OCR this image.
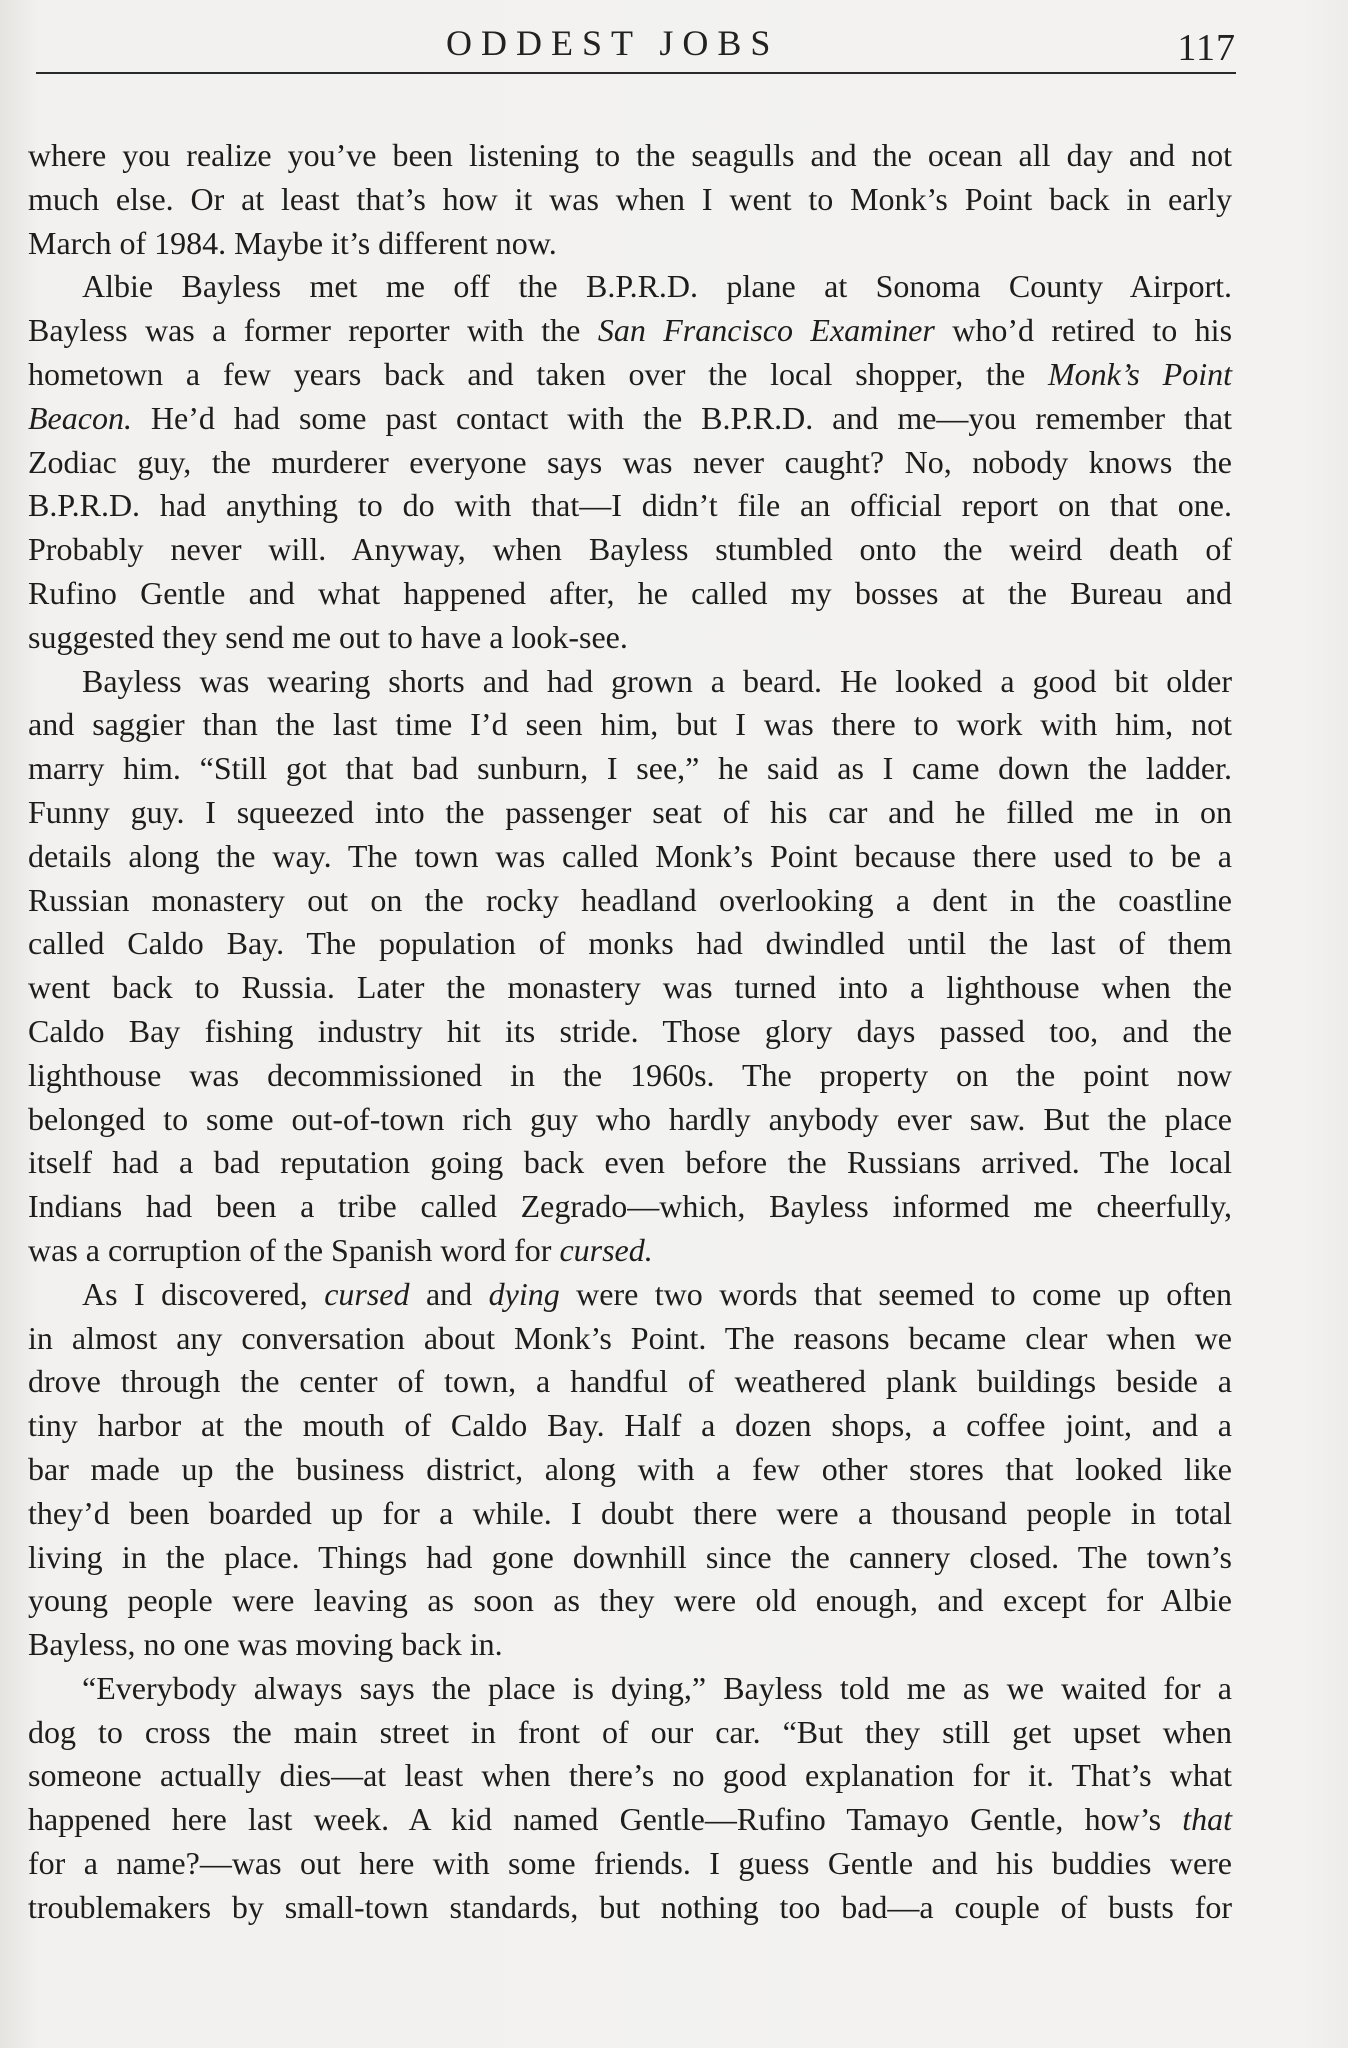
ODDEST JOBS	117
where you realize you’ve been listening to the seagulls and the ocean all day and not
much else. Or at least that’s how it was when I went to Monk’s Point back in early
March of 1984. Maybe it’s different now.
Albie Bayless met me off the B.P.R.D. plane at Sonoma County Airport.
Bayless was a former reporter with the San Francisco Examiner who’d retired to his
hometown a few years back and taken over the local shopper, the Monk’s Point
Beacon. He’d had some past contact with the B.P.R.D. and me—you remember that
Zodiac guy, the murderer everyone says was never caught? No, nobody knows the
B.P.R.D. had anything to do with that—I didn’t file an official report on that one.
Probably never will. Anyway, when Bayless stumbled onto the weird death of
Rufino Gentle and what happened after, he called my bosses at the Bureau and
suggested they send me out to have a look-see.
Bayless was wearing shorts and had grown a beard. He looked a good bit older
and saggier than the last time I’d seen him, but I was there to work with him, not
marry him. “Still got that bad sunburn, I see,” he said as I came down the ladder.
Funny guy. I squeezed into the passenger seat of his car and he filled me in on
details along the way. The town was called Monk’s Point because there used to be a
Russian monastery out on the rocky headland overlooking a dent in the coastline
called Caldo Bay. The population of monks had dwindled until the last of them
went back to Russia. Later the monastery was turned into a lighthouse when the
Caldo Bay fishing industry hit its stride. Those glory days passed too, and the
lighthouse was decommissioned in the 1960s. The property on the point now
belonged to some out-of-town rich guy who hardly anybody ever saw. But the place
itself had a bad reputation going back even before the Russians arrived. The local
Indians had been a tribe called Zegrado—which, Bayless informed me cheerfully,
was a corruption of the Spanish word for cursed.
As I discovered, cursed and dying were two words that seemed to come up often
in almost any conversation about Monk’s Point. The reasons became clear when we
drove through the center of town, a handful of weathered plank buildings beside a
tiny harbor at the mouth of Caldo Bay. Half a dozen shops, a coffee joint, and a
bar made up the business district, along with a few other stores that looked like
they’d been boarded up for a while. I doubt there were a thousand people in total
living in the place. Things had gone downhill since the cannery closed. The town’s
young people were leaving as soon as they were old enough, and except for Albie
Bayless, no one was moving back in.
“Everybody always says the place is dying,” Bayless told me as we waited for a
dog to cross the main street in front of our car. “But they still get upset when
someone actually dies—at least when there’s no good explanation for it. That’s what
happened here last week. A kid named Gentle—Rufino Tamayo Gentle, how’s that
for a name?—was out here with some friends. I guess Gentle and his buddies were
troublemakers by small-town standards, but nothing too bad—a couple of busts for
